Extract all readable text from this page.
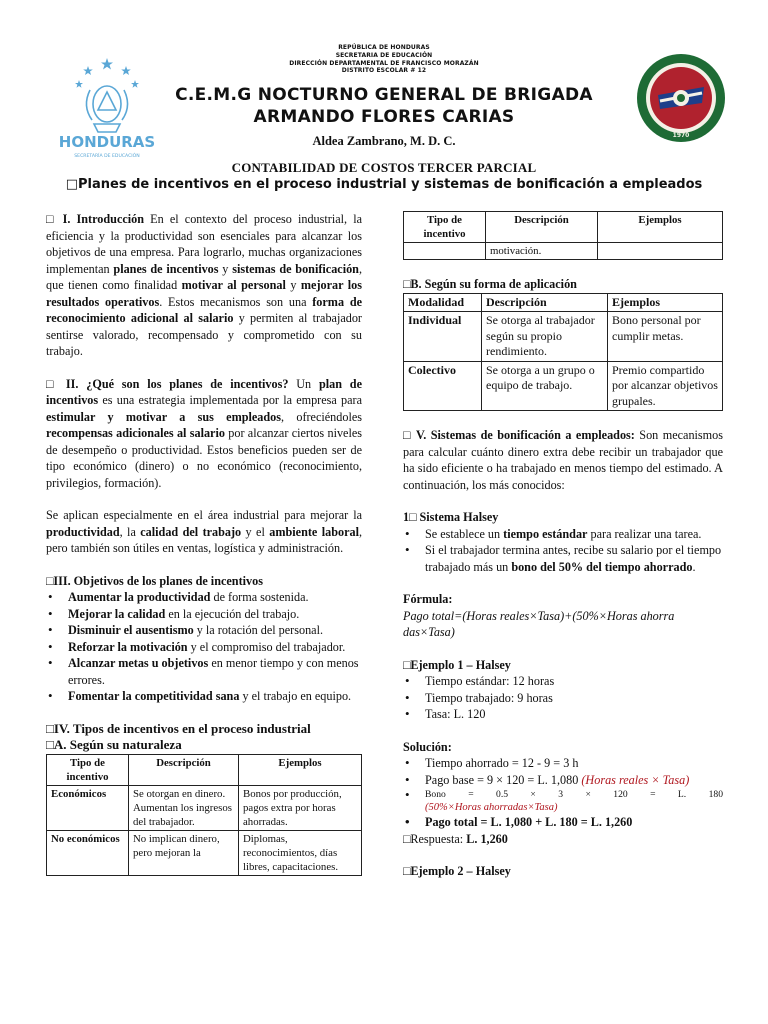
REPÚBLICA DE HONDURAS
SECRETARIA DE EDUCACIÓN
DIRECCIÓN DEPARTAMENTAL DE FRANCISCO MORAZÁN
DISTRITO ESCOLAR # 12
HONDURAS
SECRETARÍA DE EDUCACIÓN
1970
C.E.M.G NOCTURNO GENERAL DE BRIGADA
ARMANDO FLORES CARIAS
Aldea Zambrano, M. D. C.
CONTABILIDAD DE COSTOS TERCER PARCIAL
□Planes de incentivos en el proceso industrial y sistemas de bonificación a empleados

□ I. Introducción En el contexto del proceso industrial, la eficiencia y la productividad son esenciales para alcanzar los objetivos de una empresa. Para lograrlo, muchas organizaciones implementan planes de incentivos y sistemas de bonificación, que tienen como finalidad motivar al personal y mejorar los resultados operativos. Estos mecanismos son una forma de reconocimiento adicional al salario y permiten al trabajador sentirse valorado, recompensado y comprometido con su trabajo.

□ II. ¿Qué son los planes de incentivos? Un plan de incentivos es una estrategia implementada por la empresa para estimular y motivar a sus empleados, ofreciéndoles recompensas adicionales al salario por alcanzar ciertos niveles de desempeño o productividad. Estos beneficios pueden ser de tipo económico (dinero) o no económico (reconocimiento, privilegios, formación).

Se aplican especialmente en el área industrial para mejorar la productividad, la calidad del trabajo y el ambiente laboral, pero también son útiles en ventas, logística y administración.

□III. Objetivos de los planes de incentivos

• Aumentar la productividad de forma sostenida.
• Mejorar la calidad en la ejecución del trabajo.
• Disminuir el ausentismo y la rotación del personal.
• Reforzar la motivación y el compromiso del trabajador.
• Alcanzar metas u objetivos en menor tiempo y con menos errores.
• Fomentar la competitividad sana y el trabajo en equipo.

□IV. Tipos de incentivos en el proceso industrial

□A. Según su naturaleza

Tipo de incentivo	Descripción	Ejemplos
Económicos	Se otorgan en dinero. Aumentan los ingresos del trabajador.	Bonos por producción, pagos extra por horas ahorradas.
No económicos	No implican dinero, pero mejoran la	Diplomas, reconocimientos, días libres, capacitaciones.
Tipo de incentivo	Descripción	Ejemplos
	motivación.	

□B. Según su forma de aplicación

Modalidad	Descripción	Ejemplos
Individual	Se otorga al trabajador según su propio rendimiento.	Bono personal por cumplir metas.
Colectivo	Se otorga a un grupo o equipo de trabajo.	Premio compartido por alcanzar objetivos grupales.

□ V. Sistemas de bonificación a empleados: Son mecanismos para calcular cuánto dinero extra debe recibir un trabajador que ha sido eficiente o ha trabajado en menos tiempo del estimado. A continuación, los más conocidos:

1□ Sistema Halsey

• Se establece un tiempo estándar para realizar una tarea.
• Si el trabajador termina antes, recibe su salario por el tiempo trabajado más un bono del 50% del tiempo ahorrado.

Fórmula:

Pago total=(Horas reales×Tasa)+(50%×Horas ahorra das×Tasa)

□Ejemplo 1 – Halsey

• Tiempo estándar: 12 horas
• Tiempo trabajado: 9 horas
• Tasa: L. 120

Solución:

• Tiempo ahorrado = 12 - 9 = 3 h
• Pago base = 9 × 120 = L. 1,080 (Horas reales × Tasa)
• Bono = 0.5 × 3 × 120 = L. 180
(50%×Horas ahorradas×Tasa)
• Pago total = L. 1,080 + L. 180 = L. 1,260

□Respuesta: L. 1,260

□Ejemplo 2 – Halsey
